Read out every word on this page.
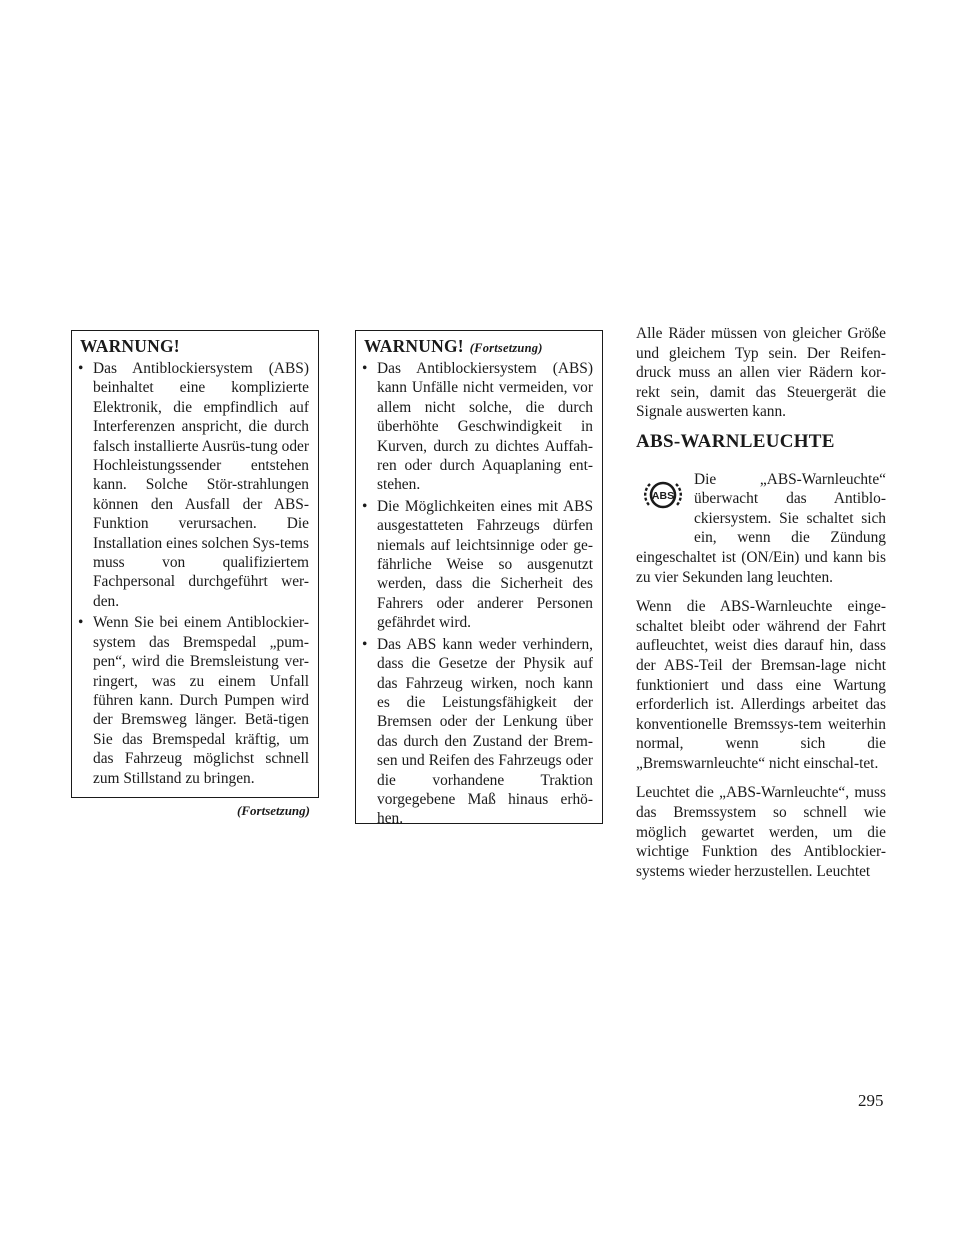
WARNUNG!
• Das Antiblockiersystem (ABS) beinhaltet eine komplizierte Elektronik, die empfindlich auf Interferenzen anspricht, die durch falsch installierte Ausrüs-tung oder Hochleistungssender entstehen kann. Solche Stör-strahlungen können den Ausfall der ABS-Funktion verursachen. Die Installation eines solchen Sys-tems muss von qualifiziertem Fachpersonal durchgeführt wer-den.
• Wenn Sie bei einem Antiblockier-system das Bremspedal „pum-pen“, wird die Bremsleistung ver-ringert, was zu einem Unfall führen kann. Durch Pumpen wird der Bremsweg länger. Betä-tigen Sie das Bremspedal kräftig, um das Fahrzeug möglichst schnell zum Stillstand zu bringen.
(Fortsetzung)
WARNUNG! (Fortsetzung)
• Das Antiblockiersystem (ABS) kann Unfälle nicht vermeiden, vor allem nicht solche, die durch überhöhte Geschwindigkeit in Kurven, durch zu dichtes Auffah-ren oder durch Aquaplaning ent-stehen.
• Die Möglichkeiten eines mit ABS ausgestatteten Fahrzeugs dürfen niemals auf leichtsinnige oder ge-fährliche Weise so ausgenutzt werden, dass die Sicherheit des Fahrers oder anderer Personen gefährdet wird.
• Das ABS kann weder verhindern, dass die Gesetze der Physik auf das Fahrzeug wirken, noch kann es die Leistungsfähigkeit der Bremsen oder der Lenkung über das durch den Zustand der Brem-sen und Reifen des Fahrzeugs oder die vorhandene Traktion vorgegebene Maß hinaus erhö-hen.

Alle Räder müssen von gleicher Größe und gleichem Typ sein. Der Reifen-druck muss an allen vier Rädern kor-rekt sein, damit das Steuergerät die Signale auswerten kann.

ABS-WARNLEUCHTE

ABS
Die „ABS-Warnleuchte“ überwacht das Antiblo-ckiersystem. Sie schaltet sich ein, wenn die Zündung eingeschaltet ist (ON/Ein) und kann bis zu vier Sekunden lang leuchten.

Wenn die ABS-Warnleuchte einge-schaltet bleibt oder während der Fahrt aufleuchtet, weist dies darauf hin, dass der ABS-Teil der Bremsan-lage nicht funktioniert und dass eine Wartung erforderlich ist. Allerdings arbeitet das konventionelle Bremssys-tem weiterhin normal, wenn sich die „Bremswarnleuchte“ nicht einschal-tet.

Leuchtet die „ABS-Warnleuchte“, muss das Bremssystem so schnell wie möglich gewartet werden, um die wichtige Funktion des Antiblockier-systems wieder herzustellen. Leuchtet

295
